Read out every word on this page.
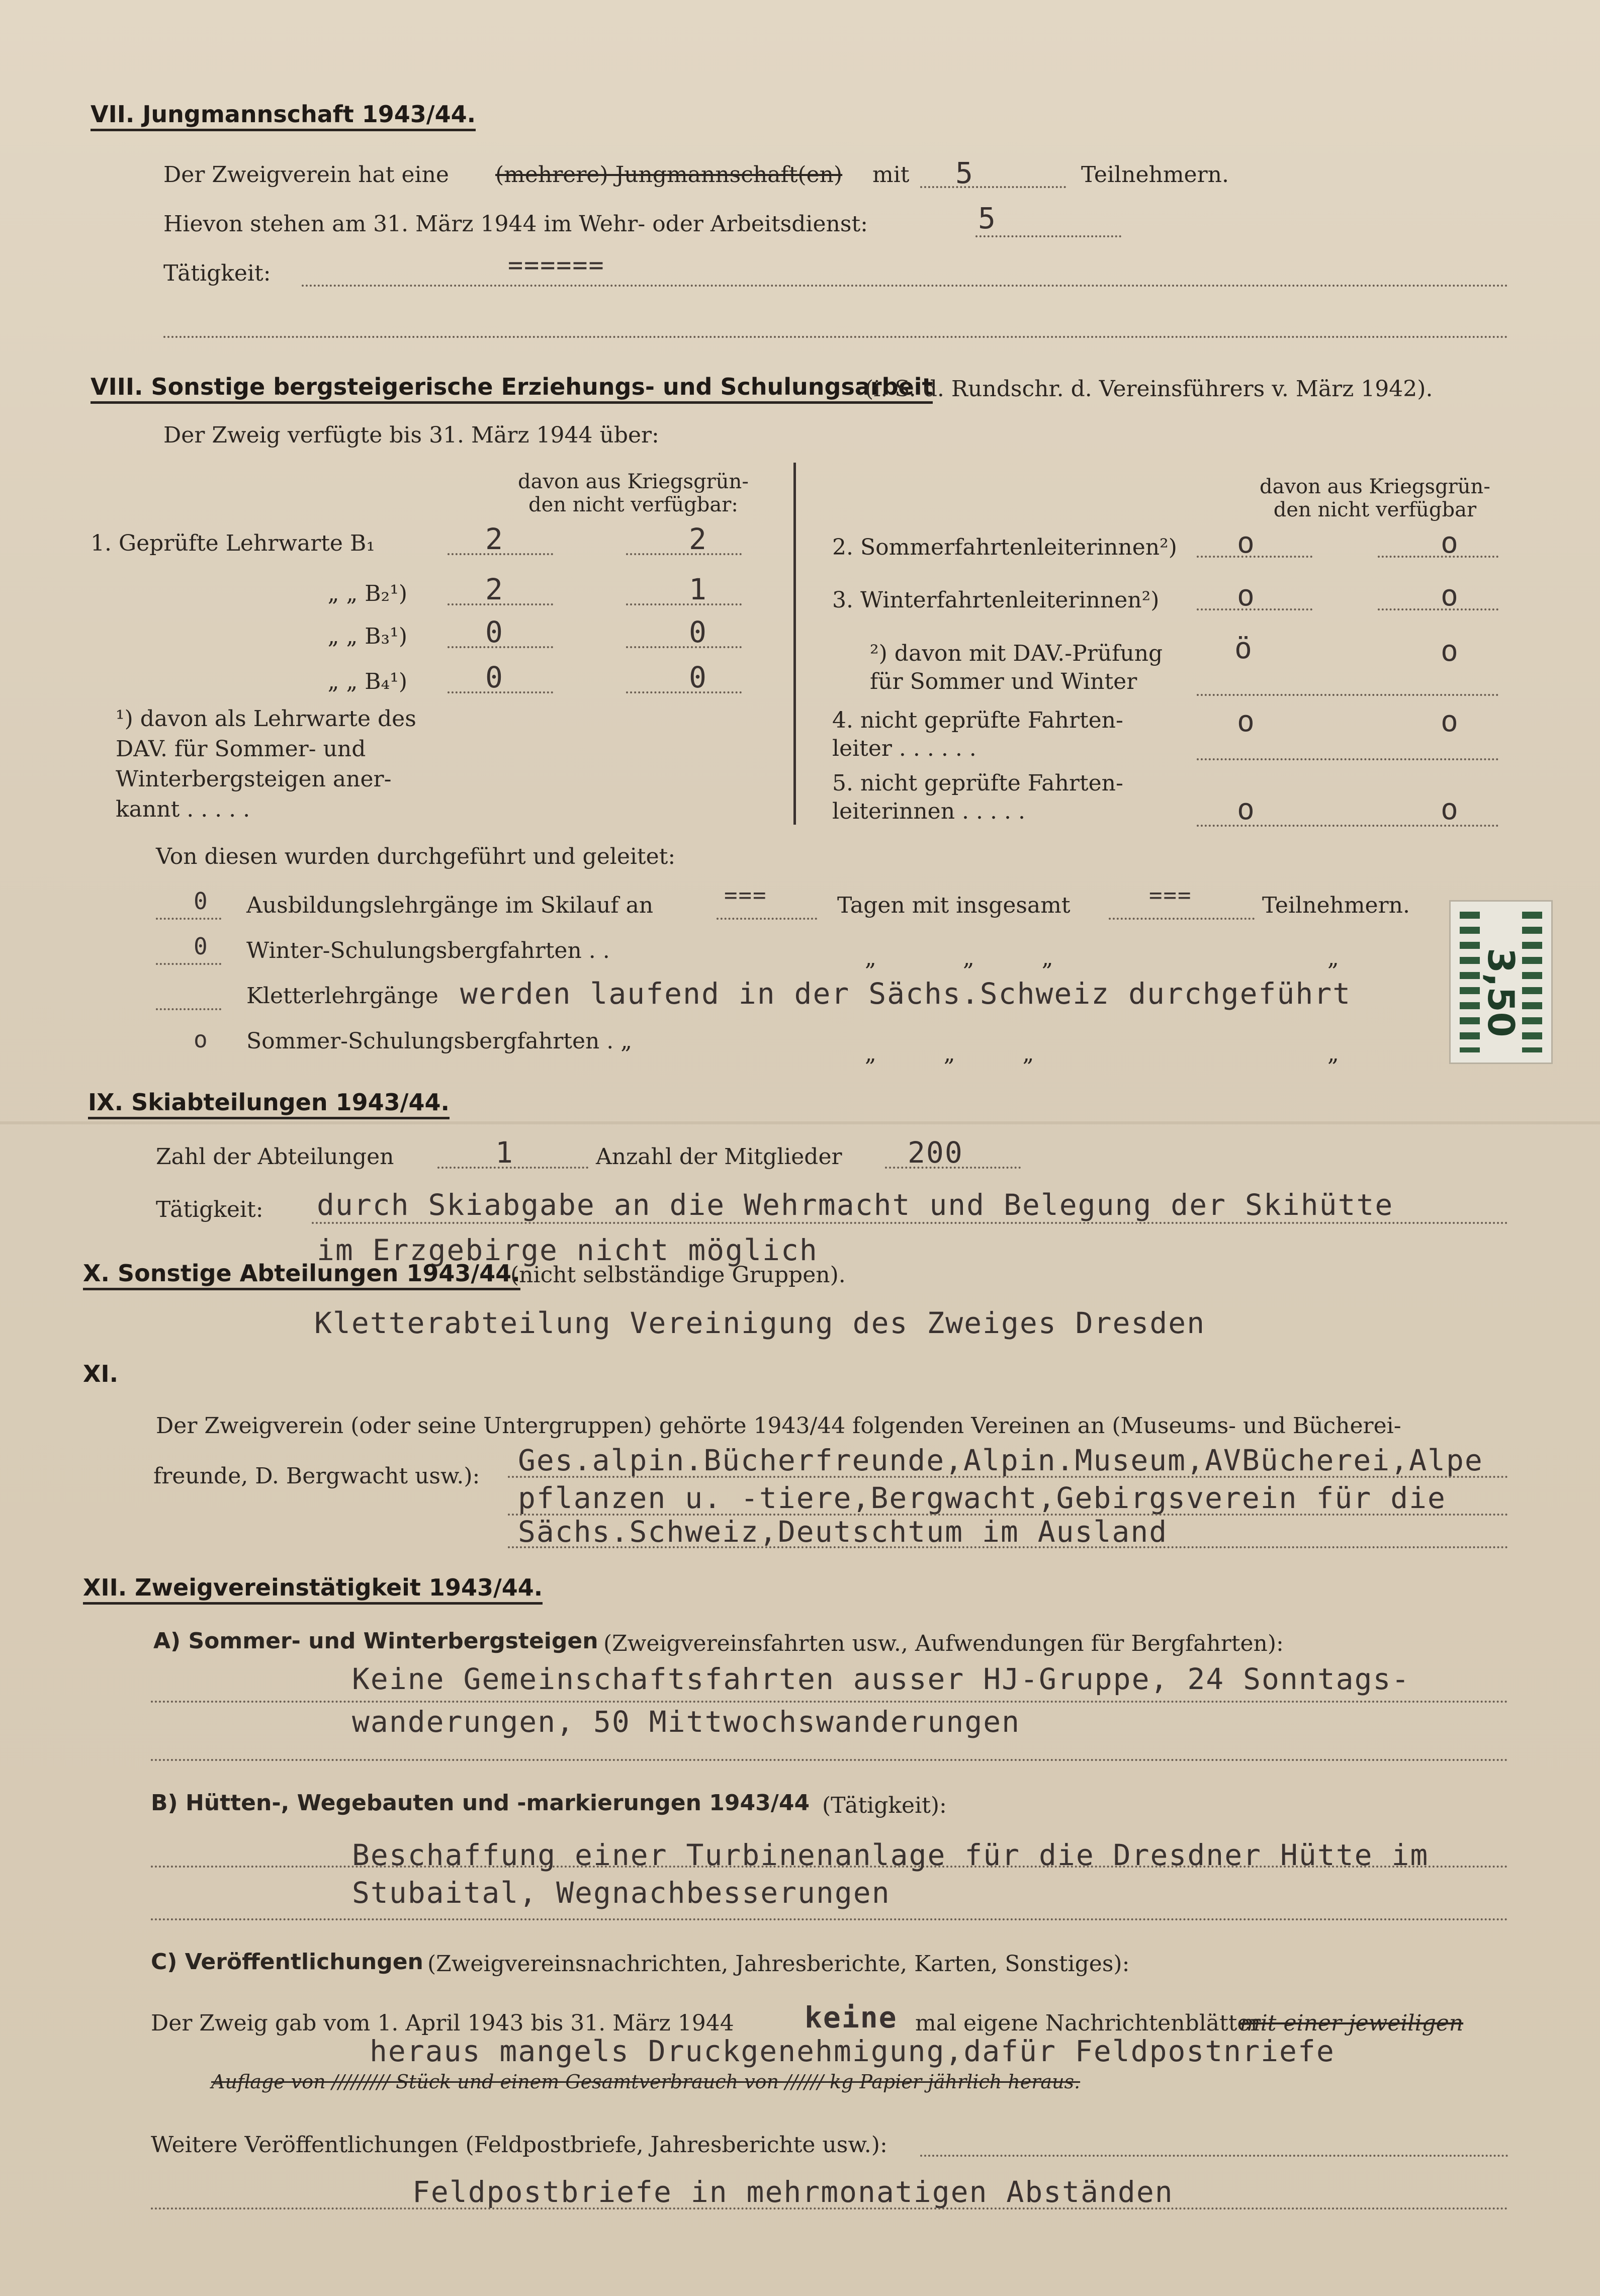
VII. Jungmannschaft 1943/44.
Der Zweigverein hat eine (mehrere) Jungmannschaft(en) mit 5	Teilnehmern.
Hievon stehen am 31. März 1944 im Wehr- oder Arbeitsdienst:	5
Tätigkeit:	======
VIII. Sonstige bergsteigerische Erziehungs- und Schulungsarbeit
(i. S. d. Rundschr. d. Vereinsführers v. März 1942).
Der Zweig verfügte bis 31. März 1944 über:
davon aus Kriegsgrün-
den nicht verfügbar:
davon aus Kriegsgrün-
den nicht verfügbar
1. Geprüfte Lehrwarte B₁	2	2
„ „ B₂¹)	2	1
„ „ B₃¹)	0	0
„ „ B₄¹)	0	0
¹) davon als Lehrwarte des
DAV. für Sommer- und
Winterbergsteigen aner-
kannt . . . . .
2. Sommerfahrtenleiterinnen²) o	o
3. Winterfahrtenleiterinnen²)	o	o
²) davon mit DAV.-Prüfung
für Sommer und Winter
ö	o
4. nicht geprüfte Fahrten-
leiter . . . . . .
o	o
5. nicht geprüfte Fahrten-
leiterinnen . . . . .	o	o
Von diesen wurden durchgeführt und geleitet:
0 Ausbildungslehrgänge im Skilauf an	===	Tagen mit insgesamt	===	Teilnehmern.
0 Winter-Schulungsbergfahrten . .	„	„ „	„
Kletterlehrgänge werden laufend in der Sächs.Schweiz durchgeführt
o Sommer-Schulungsbergfahrten . „	„ „ „	„
3,50
IX. Skiabteilungen 1943/44.
Zahl der Abteilungen	1	Anzahl der Mitglieder 200
Tätigkeit: durch Skiabgabe an die Wehrmacht und Belegung der Skihütte
im Erzgebirge nicht möglich
X. Sonstige Abteilungen 1943/44.
(nicht selbständige Gruppen).
Kletterabteilung Vereinigung des Zweiges Dresden
XI.
Der Zweigverein (oder seine Untergruppen) gehörte 1943/44 folgenden Vereinen an (Museums- und Bücherei-
freunde, D. Bergwacht usw.): Ges.alpin.Bücherfreunde,Alpin.Museum,AVBücherei,Alpe
pflanzen u. -tiere,Bergwacht,Gebirgsverein für die
Sächs.Schweiz,Deutschtum im Ausland
XII. Zweigvereinstätigkeit 1943/44.
A) Sommer- und Winterbergsteigen (Zweigvereinsfahrten usw., Aufwendungen für Bergfahrten):
Keine Gemeinschaftsfahrten ausser HJ-Gruppe, 24 Sonntags-
wanderungen, 50 Mittwochswanderungen
B) Hütten-, Wegebauten und -markierungen 1943/44 (Tätigkeit):
Beschaffung einer Turbinenanlage für die Dresdner Hütte im
Stubaital, Wegnachbesserungen
C) Veröffentlichungen (Zweigvereinsnachrichten, Jahresberichte, Karten, Sonstiges):
Der Zweig gab vom 1. April 1943 bis 31. März 1944 keine mal eigene Nachrichtenblätter
mit einer jeweiligen
heraus mangels Druckgenehmigung,dafür Feldpostnriefe
Auflage von ///////// Stück und einem Gesamtverbrauch von ////// kg Papier jährlich heraus.
Weitere Veröffentlichungen (Feldpostbriefe, Jahresberichte usw.):
Feldpostbriefe in mehrmonatigen Abständen
